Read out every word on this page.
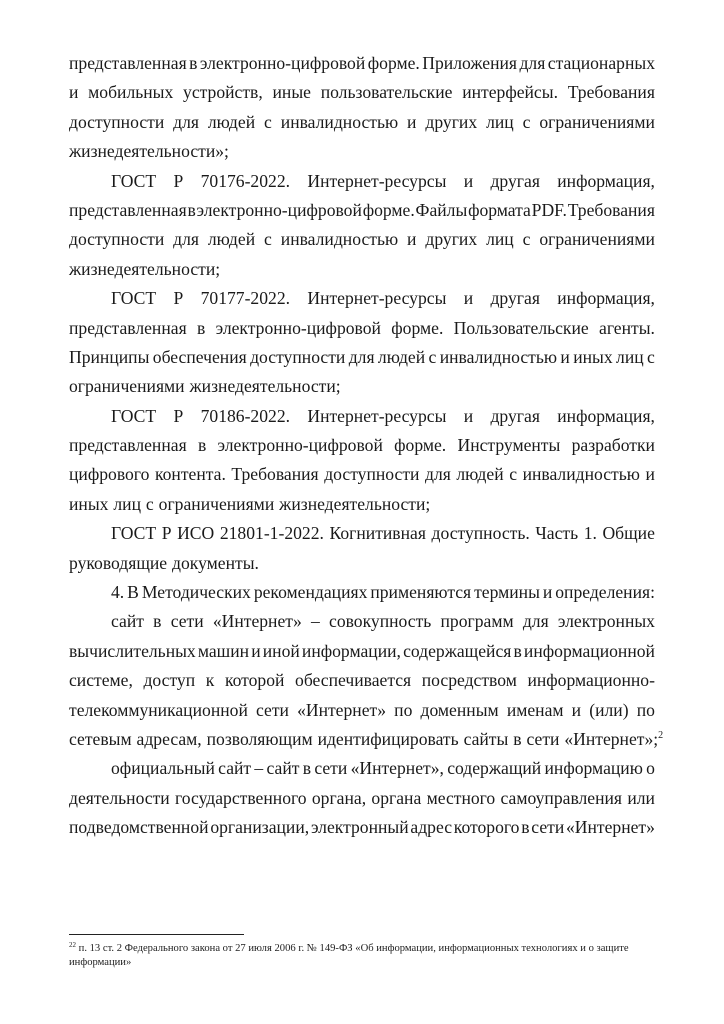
представленная в электронно-цифровой форме. Приложения для стационарных
и мобильных устройств, иные пользовательские интерфейсы. Требования
доступности для людей с инвалидностью и других лиц с ограничениями
жизнедеятельности»;
ГОСТ Р 70176-2022. Интернет-ресурсы и другая информация,
представленная в электронно-цифровой форме. Файлы формата PDF. Требования
доступности для людей с инвалидностью и других лиц с ограничениями
жизнедеятельности;
ГОСТ Р 70177-2022. Интернет-ресурсы и другая информация,
представленная в электронно-цифровой форме. Пользовательские агенты.
Принципы обеспечения доступности для людей с инвалидностью и иных лиц с
ограничениями жизнедеятельности;
ГОСТ Р 70186-2022. Интернет-ресурсы и другая информация,
представленная в электронно-цифровой форме. Инструменты разработки
цифрового контента. Требования доступности для людей с инвалидностью и
иных лиц с ограничениями жизнедеятельности;
ГОСТ Р ИСО 21801-1-2022. Когнитивная доступность. Часть 1. Общие
руководящие документы.
4. В Методических рекомендациях применяются термины и определения:
сайт в сети «Интернет» – совокупность программ для электронных
вычислительных машин и иной информации, содержащейся в информационной
системе, доступ к которой обеспечивается посредством информационно-
телекоммуникационной сети «Интернет» по доменным именам и (или) по
сетевым адресам, позволяющим идентифицировать сайты в сети «Интернет»;$^2$
официальный сайт – сайт в сети «Интернет», содержащий информацию о
деятельности государственного органа, органа местного самоуправления или
подведомственной организации, электронный адрес которого в сети «Интернет»
$^{22}$ п. 13 ст. 2 Федерального закона от 27 июля 2006 г. № 149-ФЗ «Об информации, информационных технологиях и о защите
информации»
